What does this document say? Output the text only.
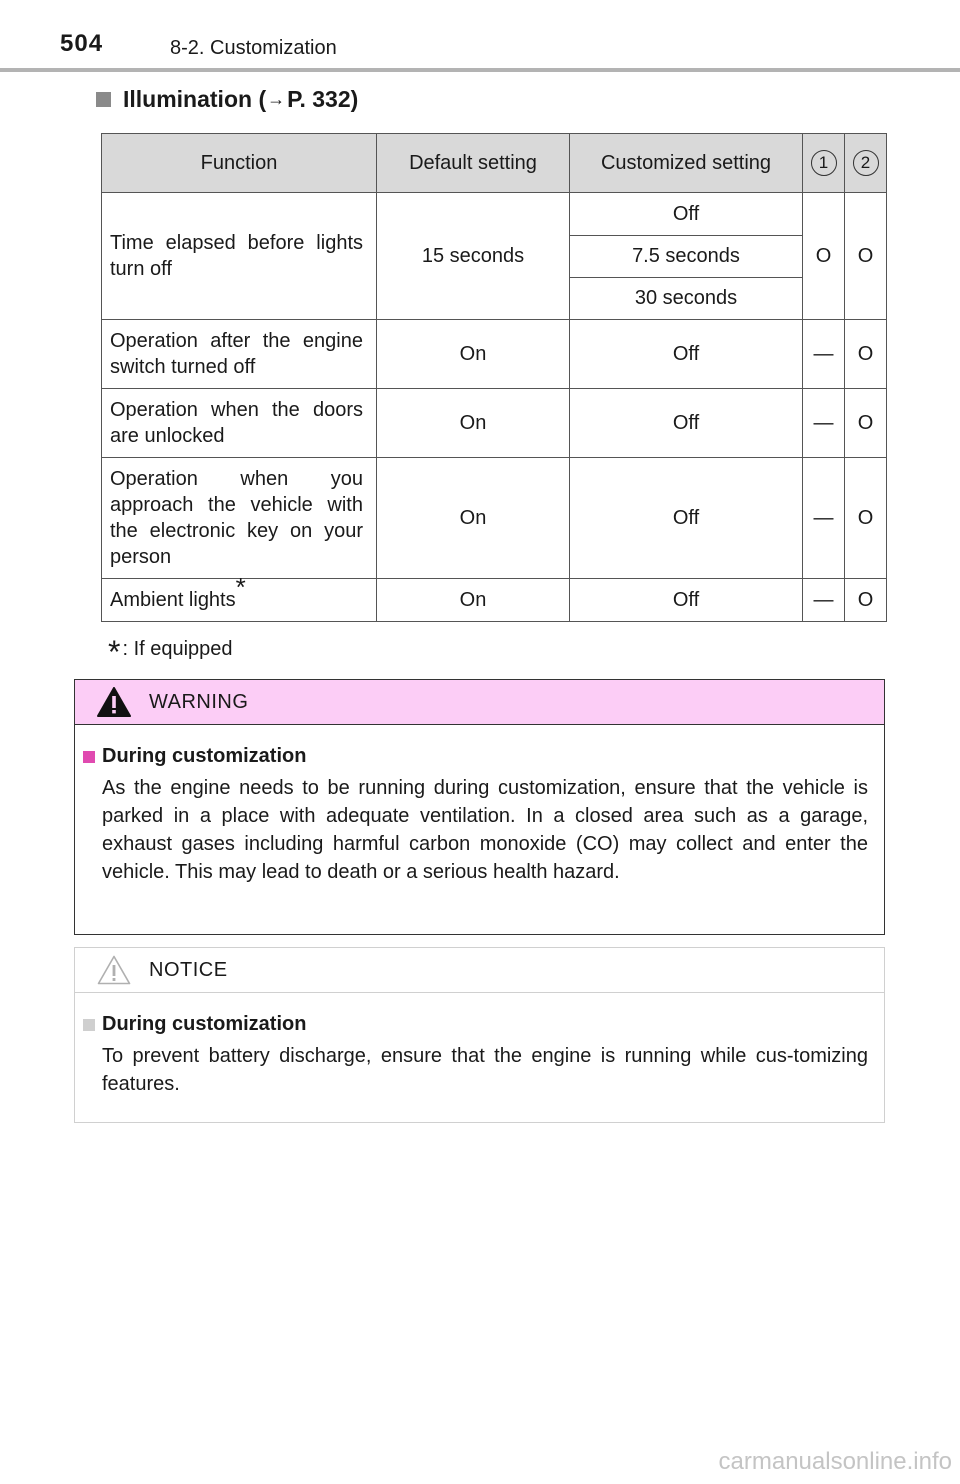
504	8-2. Customization
Illumination ( → P. 332)
Function	Default setting	Customized setting	1	2
Time elapsed before lights turn off	15 seconds	Off	O	O
		7.5 seconds		
		30 seconds		
Operation after the engine switch turned off	On	Off	—	O
Operation when the doors are unlocked	On	Off	—	O
Operation when you approach the vehicle with the electronic key on your person	On	Off	—	O
Ambient lights*	On	Off	—	O
* : If equipped
WARNING
During customization
As the engine needs to be running during customization, ensure that the vehicle is parked in a place with adequate ventilation. In a closed area such as a garage, exhaust gases including harmful carbon monoxide (CO) may collect and enter the vehicle. This may lead to death or a serious health hazard.
NOTICE
During customization
To prevent battery discharge, ensure that the engine is running while cus-tomizing features.
carmanualsonline.info
